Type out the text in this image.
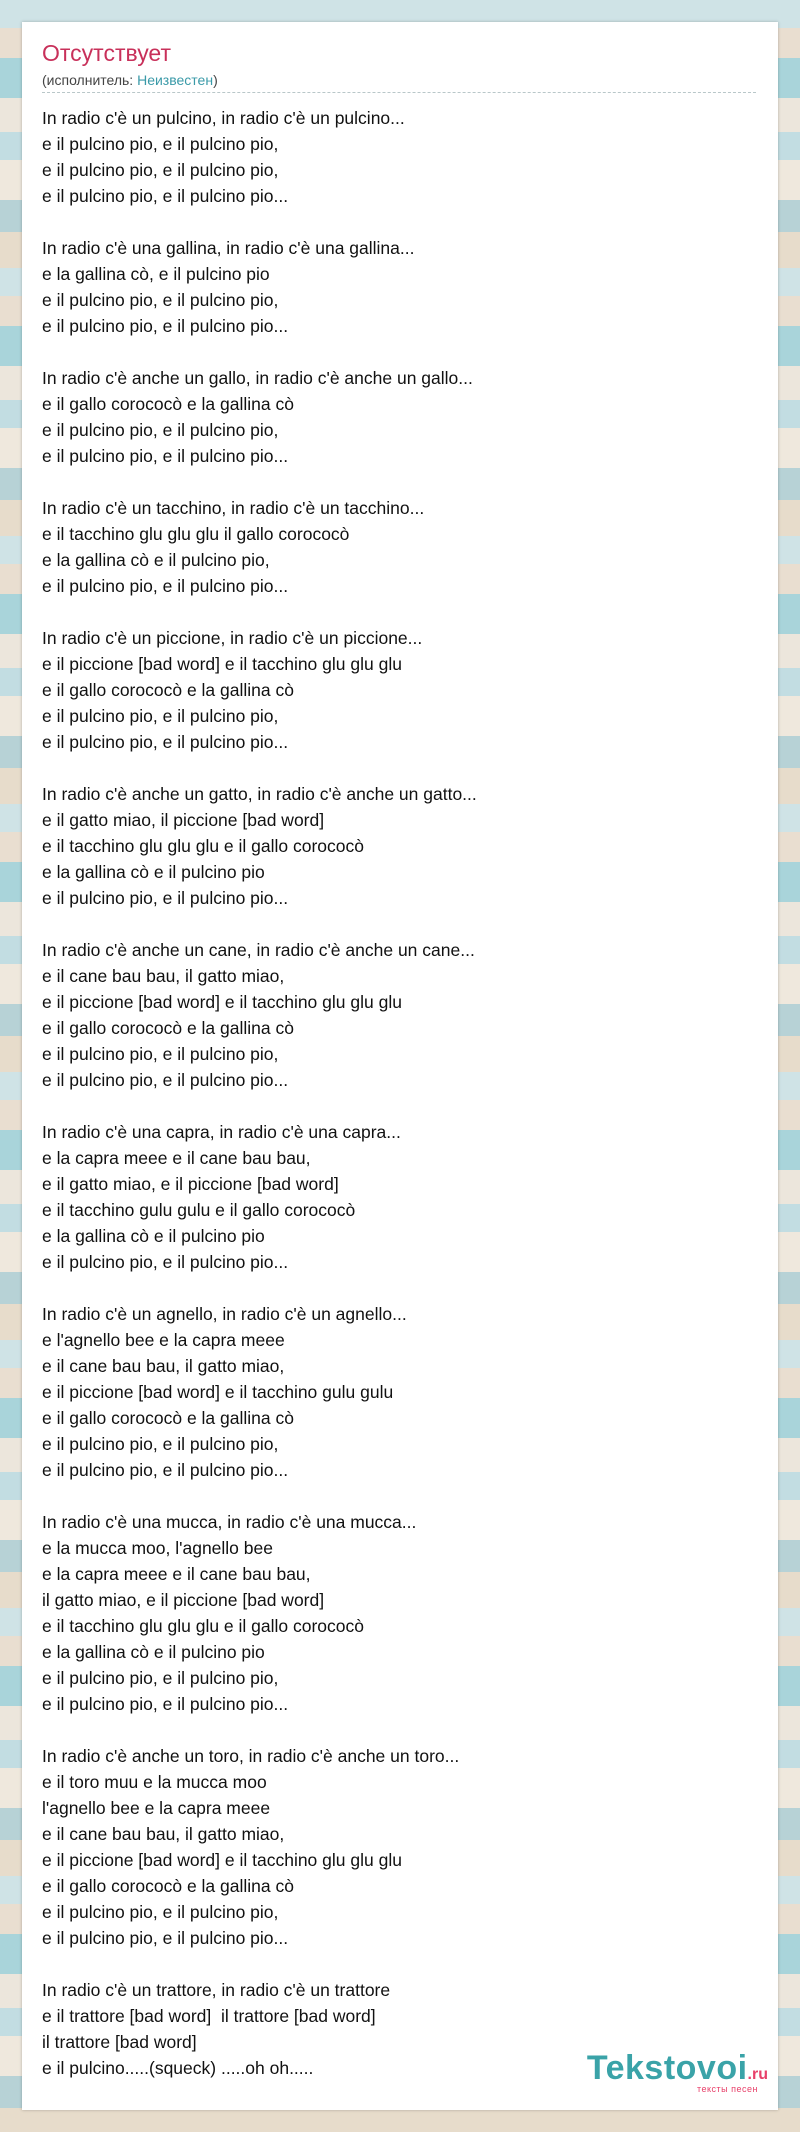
Отсутствует
(исполнитель: Неизвестен)
In radio c'è un pulcino, in radio c'è un pulcino...
e il pulcino pio, e il pulcino pio,
e il pulcino pio, e il pulcino pio,
e il pulcino pio, e il pulcino pio...
In radio c'è una gallina, in radio c'è una gallina...
e la gallina cò, e il pulcino pio
e il pulcino pio, e il pulcino pio,
e il pulcino pio, e il pulcino pio...
In radio c'è anche un gallo, in radio c'è anche un gallo...
e il gallo corococò e la gallina cò
e il pulcino pio, e il pulcino pio,
e il pulcino pio, e il pulcino pio...
In radio c'è un tacchino, in radio c'è un tacchino...
e il tacchino glu glu glu il gallo corococò
e la gallina cò e il pulcino pio,
e il pulcino pio, e il pulcino pio...
In radio c'è un piccione, in radio c'è un piccione...
e il piccione [bad word] e il tacchino glu glu glu
e il gallo corococò e la gallina cò
e il pulcino pio, e il pulcino pio,
e il pulcino pio, e il pulcino pio...
In radio c'è anche un gatto, in radio c'è anche un gatto...
e il gatto miao, il piccione [bad word]
e il tacchino glu glu glu e il gallo corococò
e la gallina cò e il pulcino pio
e il pulcino pio, e il pulcino pio...
In radio c'è anche un cane, in radio c'è anche un cane...
e il cane bau bau, il gatto miao,
e il piccione [bad word] e il tacchino glu glu glu
e il gallo corococò e la gallina cò
e il pulcino pio, e il pulcino pio,
e il pulcino pio, e il pulcino pio...
In radio c'è una capra, in radio c'è una capra...
e la capra meee e il cane bau bau,
e il gatto miao, e il piccione [bad word]
e il tacchino gulu gulu e il gallo corococò
e la gallina cò e il pulcino pio
e il pulcino pio, e il pulcino pio...
In radio c'è un agnello, in radio c'è un agnello...
e l'agnello bee e la capra meee
e il cane bau bau, il gatto miao,
e il piccione [bad word] e il tacchino gulu gulu
e il gallo corococò e la gallina cò
e il pulcino pio, e il pulcino pio,
e il pulcino pio, e il pulcino pio...
In radio c'è una mucca, in radio c'è una mucca...
e la mucca moo, l'agnello bee
e la capra meee e il cane bau bau,
il gatto miao, e il piccione [bad word]
e il tacchino glu glu glu e il gallo corococò
e la gallina cò e il pulcino pio
e il pulcino pio, e il pulcino pio,
e il pulcino pio, e il pulcino pio...
In radio c'è anche un toro, in radio c'è anche un toro...
e il toro muu e la mucca moo
l'agnello bee e la capra meee
e il cane bau bau, il gatto miao,
e il piccione [bad word] e il tacchino glu glu glu
e il gallo corococò e la gallina cò
e il pulcino pio, e il pulcino pio,
e il pulcino pio, e il pulcino pio...
In radio c'è un trattore, in radio c'è un trattore
e il trattore [bad word]  il trattore [bad word]
il trattore [bad word]
e il pulcino.....(squeck) .....oh oh.....	Tekstovoi.ru
тексты песен
